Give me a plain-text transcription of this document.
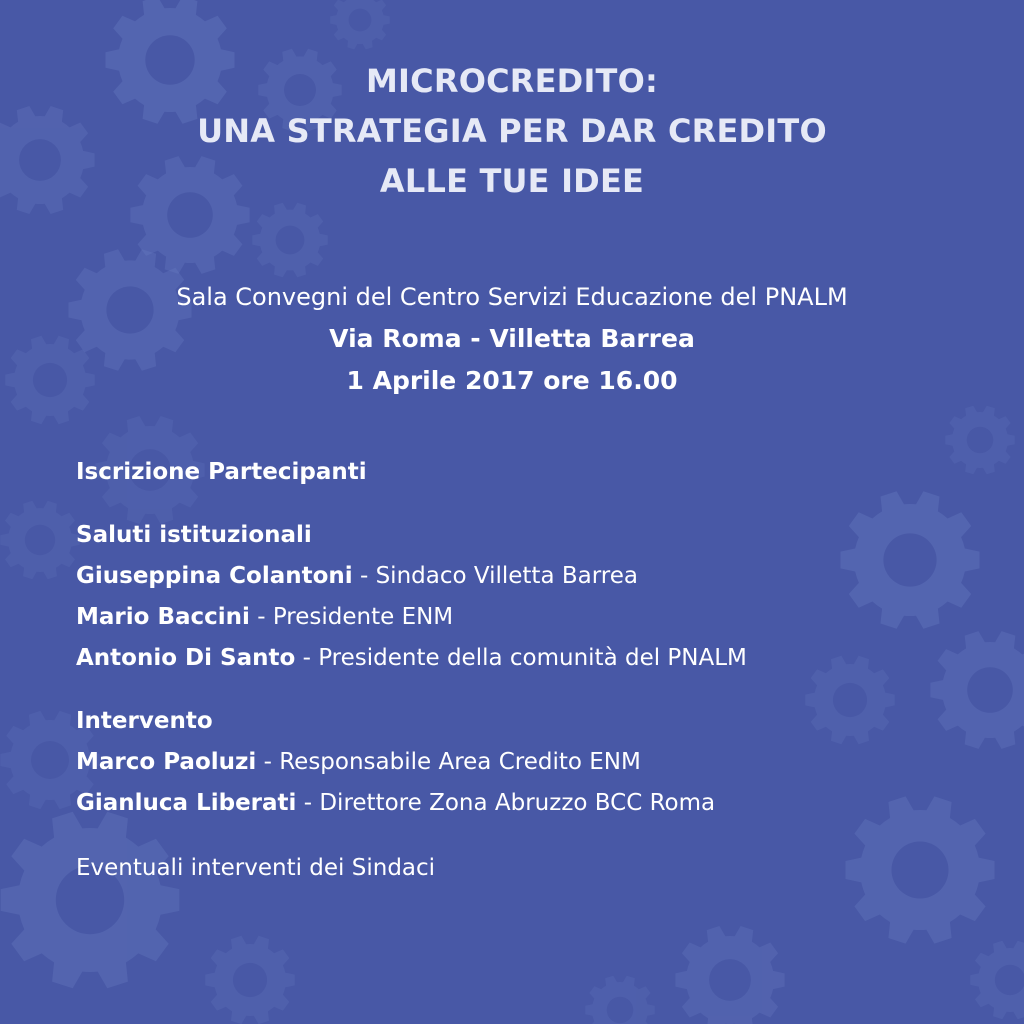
MICROCREDITO:
UNA STRATEGIA PER DAR CREDITO
ALLE TUE IDEE
Sala Convegni del Centro Servizi Educazione del PNALM
Via Roma - Villetta Barrea
1 Aprile 2017 ore 16.00
Iscrizione Partecipanti
Saluti istituzionali
Giuseppina Colantoni - Sindaco Villetta Barrea
Mario Baccini - Presidente ENM
Antonio Di Santo - Presidente della comunità del PNALM
Intervento
Marco Paoluzi - Responsabile Area Credito ENM
Gianluca Liberati - Direttore Zona Abruzzo BCC Roma
Eventuali interventi dei Sindaci
